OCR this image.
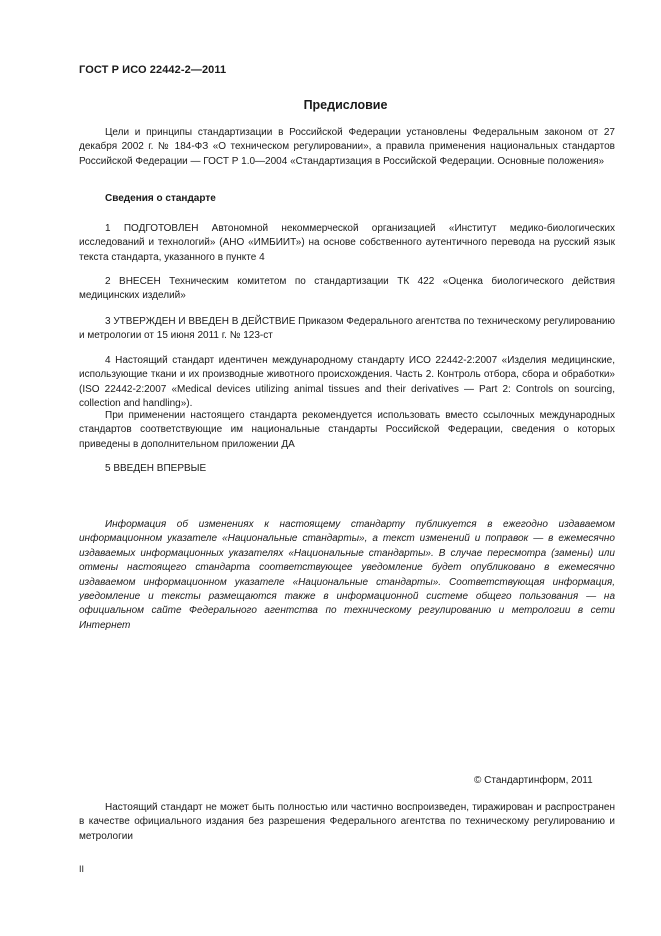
ГОСТ Р ИСО 22442-2—2011
Предисловие

Цели и принципы стандартизации в Российской Федерации установлены Федеральным законом от 27 декабря 2002 г. № 184-ФЗ «О техническом регулировании», а правила применения национальных стандартов Российской Федерации — ГОСТ Р 1.0—2004 «Стандартизация в Российской Федерации. Основные положения»

Сведения о стандарте

1 ПОДГОТОВЛЕН Автономной некоммерческой организацией «Институт медико-биологических исследований и технологий» (АНО «ИМБИИТ») на основе собственного аутентичного перевода на русский язык текста стандарта, указанного в пункте 4

2 ВНЕСЕН Техническим комитетом по стандартизации ТК 422 «Оценка биологического действия медицинских изделий»

3 УТВЕРЖДЕН И ВВЕДЕН В ДЕЙСТВИЕ Приказом Федерального агентства по техническому регулированию и метрологии от 15 июня 2011 г. № 123-ст

4 Настоящий стандарт идентичен международному стандарту ИСО 22442-2:2007 «Изделия медицинские, использующие ткани и их производные животного происхождения. Часть 2. Контроль отбора, сбора и обработки» (ISO 22442-2:2007 «Medical devices utilizing animal tissues and their derivatives — Part 2: Controls on sourcing, collection and handling»).

При применении настоящего стандарта рекомендуется использовать вместо ссылочных международных стандартов соответствующие им национальные стандарты Российской Федерации, сведения о которых приведены в дополнительном приложении ДА

5 ВВЕДЕН ВПЕРВЫЕ

Информация об изменениях к настоящему стандарту публикуется в ежегодно издаваемом информационном указателе «Национальные стандарты», а текст изменений и поправок — в ежемесячно издаваемых информационных указателях «Национальные стандарты». В случае пересмотра (замены) или отмены настоящего стандарта соответствующее уведомление будет опубликовано в ежемесячно издаваемом информационном указателе «Национальные стандарты». Соответствующая информация, уведомление и тексты размещаются также в информационной системе общего пользования — на официальном сайте Федерального агентства по техническому регулированию и метрологии в сети Интернет

© Стандартинформ, 2011

Настоящий стандарт не может быть полностью или частично воспроизведен, тиражирован и распространен в качестве официального издания без разрешения Федерального агентства по техническому регулированию и метрологии

II
